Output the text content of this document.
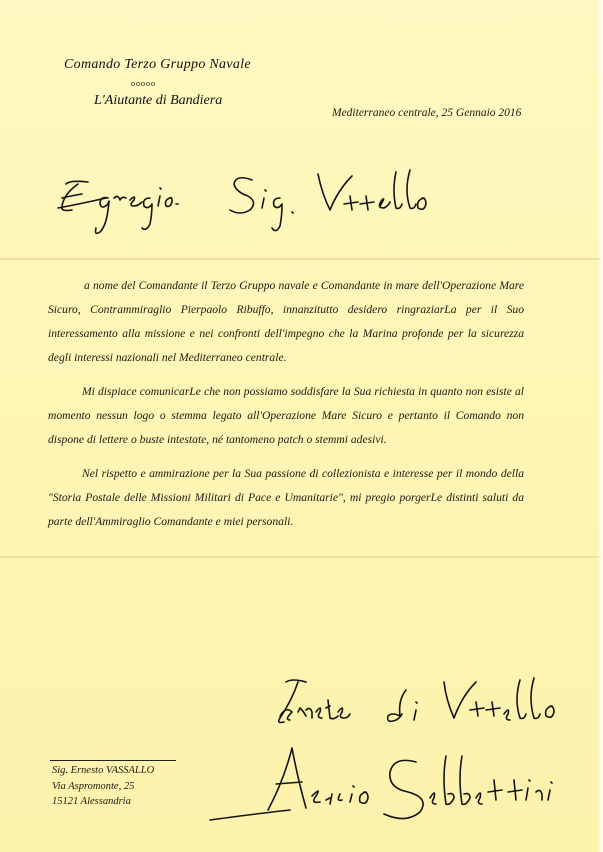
Comando Terzo Gruppo Navale
ooooo
L'Aiutante di Bandiera
Mediterraneo centrale, 25 Gennaio 2016

a nome del Comandante il Terzo Gruppo navale e Comandante in mare dell'Operazione Mare Sicuro, Contrammiraglio Pierpaolo Ribuffo, innanzitutto desidero ringraziarLa per il Suo interessamento alla missione e nei confronti dell'impegno che la Marina profonde per la sicurezza degli interessi nazionali nel Mediterraneo centrale.

Mi dispiace comunicarLe che non possiamo soddisfare la Sua richiesta in quanto non esiste al momento nessun logo o stemma legato all'Operazione Mare Sicuro e pertanto il Comando non dispone di lettere o buste intestate, né tantomeno patch o stemmi adesivi.

Nel rispetto e ammirazione per la Sua passione di collezionista e interesse per il mondo della "Storia Postale delle Missioni Militari di Pace e Umanitarie", mi pregio porgerLe distinti saluti da parte dell'Ammiraglio Comandante e miei personali.

Sig. Ernesto VASSALLO
Via Aspromonte, 25
15121 Alessandria
